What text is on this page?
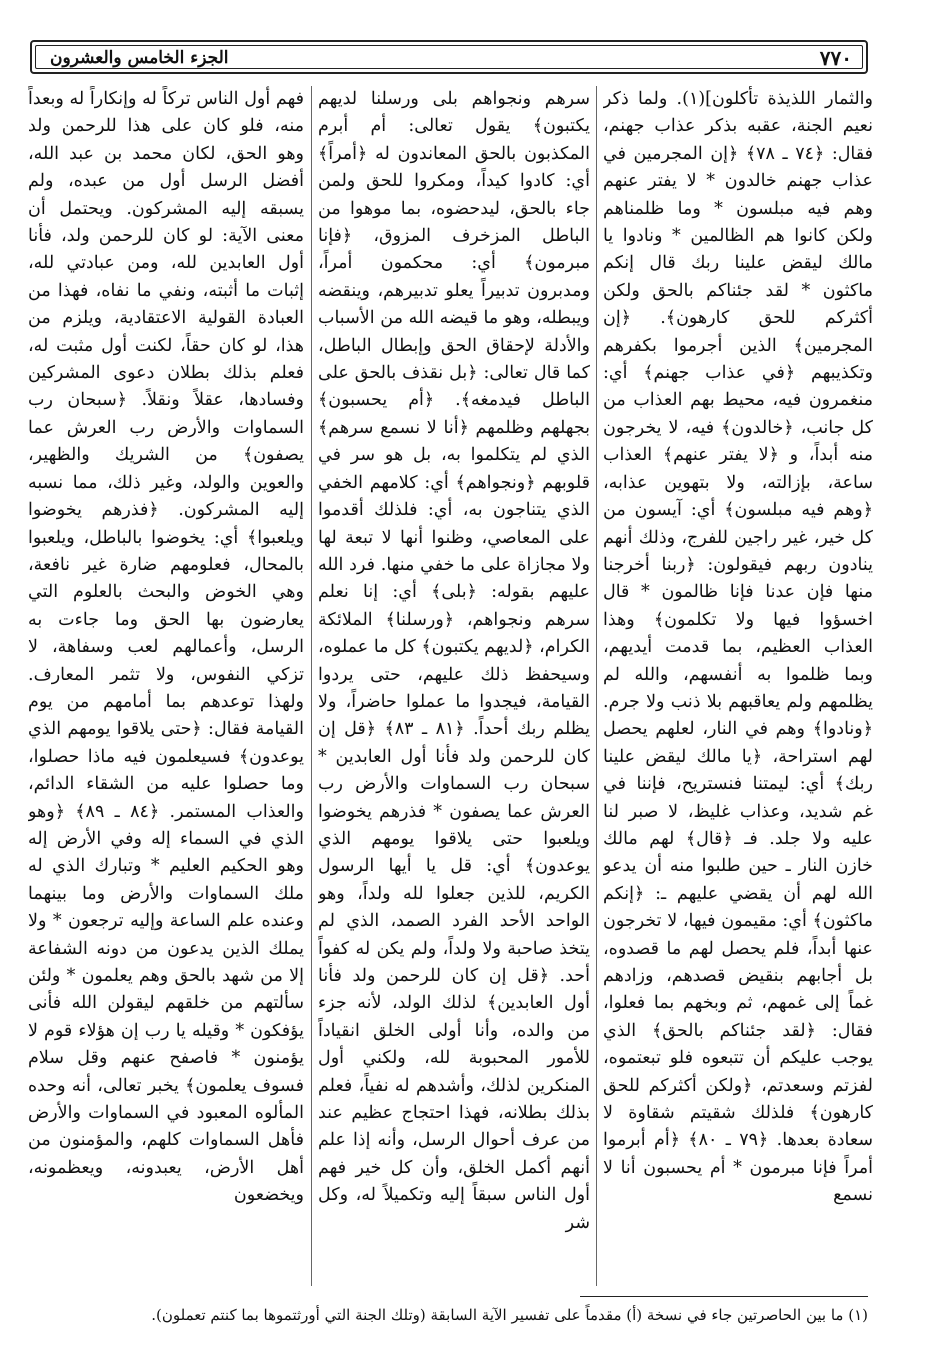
٧٧٠
الجزء الخامس والعشرون

والثمار اللذيذة تأكلون](١). ولما ذكر نعيم الجنة، عقبه بذكر عذاب جهنم، فقال: ﴿٧٤ ـ ٧٨﴾ ﴿إن المجرمين في عذاب جهنم خالدون * لا يفتر عنهم وهم فيه مبلسون * وما ظلمناهم ولكن كانوا هم الظالمين * ونادوا يا مالك ليقض علينا ربك قال إنكم ماكثون * لقد جئناكم بالحق ولكن أكثركم للحق كارهون﴾. ﴿إن المجرمين﴾ الذين أجرموا بكفرهم وتكذيبهم ﴿في عذاب جهنم﴾ أي: منغمرون فيه، محيط بهم العذاب من كل جانب، ﴿خالدون﴾ فيه، لا يخرجون منه أبداً، و ﴿لا يفتر عنهم﴾ العذاب ساعة، بإزالته، ولا بتهوين عذابه، ﴿وهم فيه مبلسون﴾ أي: آيسون من كل خير، غير راجين للفرج، وذلك أنهم ينادون ربهم فيقولون: ﴿ربنا أخرجنا منها فإن عدنا فإنا ظالمون * قال اخسؤوا فيها ولا تكلمون﴾ وهذا العذاب العظيم، بما قدمت أيديهم، وبما ظلموا به أنفسهم، والله لم يظلمهم ولم يعاقبهم بلا ذنب ولا جرم. ﴿ونادوا﴾ وهم في النار، لعلهم يحصل لهم استراحة، ﴿يا مالك ليقض علينا ربك﴾ أي: ليمتنا فنستريح، فإننا في غم شديد، وعذاب غليظ، لا صبر لنا عليه ولا جلد. فـ ﴿قال﴾ لهم مالك خازن النار ـ حين طلبوا منه أن يدعو الله لهم أن يقضي عليهم ـ: ﴿إنكم ماكثون﴾ أي: مقيمون فيها، لا تخرجون عنها أبداً، فلم يحصل لهم ما قصدوه، بل أجابهم بنقيض قصدهم، وزادهم غماً إلى غمهم، ثم وبخهم بما فعلوا، فقال: ﴿لقد جئناكم بالحق﴾ الذي يوجب عليكم أن تتبعوه فلو تبعتموه، لفزتم وسعدتم، ﴿ولكن أكثركم للحق كارهون﴾ فلذلك شقيتم شقاوة لا سعادة بعدها. ﴿٧٩ ـ ٨٠﴾ ﴿أم أبرموا أمراً فإنا مبرمون * أم يحسبون أنا لا نسمع

سرهم ونجواهم بلى ورسلنا لديهم يكتبون﴾ يقول تعالى: أم أبرم المكذبون بالحق المعاندون له ﴿أمراً﴾ أي: كادوا كيداً، ومكروا للحق ولمن جاء بالحق، ليدحضوه، بما موهوا من الباطل المزخرف المزوق، ﴿فإنا مبرمون﴾ أي: محكمون أمراً، ومدبرون تدبيراً يعلو تدبيرهم، وينقضه ويبطله، وهو ما قيضه الله من الأسباب والأدلة لإحقاق الحق وإبطال الباطل، كما قال تعالى: ﴿بل نقذف بالحق على الباطل فيدمغه﴾. ﴿أم يحسبون﴾ بجهلهم وظلمهم ﴿أنا لا نسمع سرهم﴾ الذي لم يتكلموا به، بل هو سر في قلوبهم ﴿ونجواهم﴾ أي: كلامهم الخفي الذي يتناجون به، أي: فلذلك أقدموا على المعاصي، وظنوا أنها لا تبعة لها ولا مجازاة على ما خفي منها. فرد الله عليهم بقوله: ﴿بلى﴾ أي: إنا نعلم سرهم ونجواهم، ﴿ورسلنا﴾ الملائكة الكرام، ﴿لديهم يكتبون﴾ كل ما عملوه، وسيحفظ ذلك عليهم، حتى يردوا القيامة، فيجدوا ما عملوا حاضراً، ولا يظلم ربك أحداً. ﴿٨١ ـ ٨٣﴾ ﴿قل إن كان للرحمن ولد فأنا أول العابدين * سبحان رب السماوات والأرض رب العرش عما يصفون * فذرهم يخوضوا ويلعبوا حتى يلاقوا يومهم الذي يوعدون﴾ أي: قل يا أيها الرسول الكريم، للذين جعلوا لله ولداً، وهو الواحد الأحد الفرد الصمد، الذي لم يتخذ صاحبة ولا ولداً، ولم يكن له كفواً أحد. ﴿قل إن كان للرحمن ولد فأنا أول العابدين﴾ لذلك الولد، لأنه جزء من والده، وأنا أولى الخلق انقياداً للأمور المحبوبة لله، ولكني أول المنكرين لذلك، وأشدهم له نفياً، فعلم بذلك بطلانه، فهذا احتجاج عظيم عند من عرف أحوال الرسل، وأنه إذا علم أنهم أكمل الخلق، وأن كل خير فهم أول الناس سبقاً إليه وتكميلاً له، وكل شر

فهم أول الناس تركاً له وإنكاراً له وبعداً منه، فلو كان على هذا للرحمن ولد وهو الحق، لكان محمد بن عبد الله، أفضل الرسل أول من عبده، ولم يسبقه إليه المشركون. ويحتمل أن معنى الآية: لو كان للرحمن ولد، فأنا أول العابدين لله، ومن عبادتي لله، إثبات ما أثبته، ونفي ما نفاه، فهذا من العبادة القولية الاعتقادية، ويلزم من هذا، لو كان حقاً، لكنت أول مثبت له، فعلم بذلك بطلان دعوى المشركين وفسادها، عقلاً ونقلاً. ﴿سبحان رب السماوات والأرض رب العرش عما يصفون﴾ من الشريك والظهير، والعوين والولد، وغير ذلك، مما نسبه إليه المشركون. ﴿فذرهم يخوضوا ويلعبوا﴾ أي: يخوضوا بالباطل، ويلعبوا بالمحال، فعلومهم ضارة غير نافعة، وهي الخوض والبحث بالعلوم التي يعارضون بها الحق وما جاءت به الرسل، وأعمالهم لعب وسفاهة، لا تزكي النفوس، ولا تثمر المعارف. ولهذا توعدهم بما أمامهم من يوم القيامة فقال: ﴿حتى يلاقوا يومهم الذي يوعدون﴾ فسيعلمون فيه ماذا حصلوا، وما حصلوا عليه من الشقاء الدائم، والعذاب المستمر. ﴿٨٤ ـ ٨٩﴾ ﴿وهو الذي في السماء إله وفي الأرض إله وهو الحكيم العليم * وتبارك الذي له ملك السماوات والأرض وما بينهما وعنده علم الساعة وإليه ترجعون * ولا يملك الذين يدعون من دونه الشفاعة إلا من شهد بالحق وهم يعلمون * ولئن سألتهم من خلقهم ليقولن الله فأنى يؤفكون * وقيله يا رب إن هؤلاء قوم لا يؤمنون * فاصفح عنهم وقل سلام فسوف يعلمون﴾ يخبر تعالى، أنه وحده المألوه المعبود في السماوات والأرض فأهل السماوات كلهم، والمؤمنون من أهل الأرض، يعبدونه، ويعظمونه، ويخضعون

(١) ما بين الحاصرتين جاء في نسخة (أ) مقدماً على تفسير الآية السابقة (وتلك الجنة التي أورثتموها بما كنتم تعملون).
